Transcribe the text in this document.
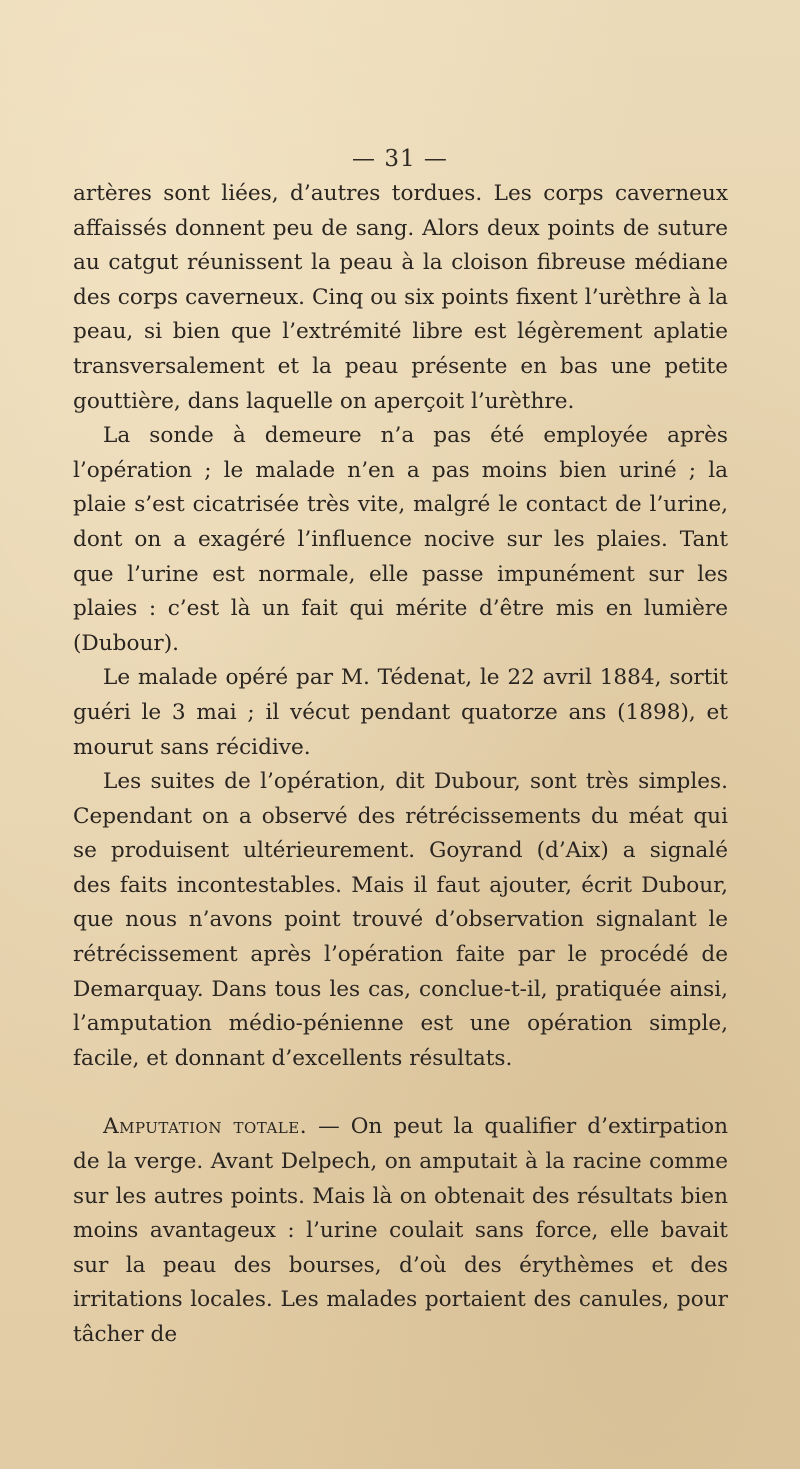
— 31 —

artères sont liées, d’autres tordues. Les corps caverneux affaissés donnent peu de sang. Alors deux points de suture au catgut réunissent la peau à la cloison fibreuse médiane des corps caverneux. Cinq ou six points fixent l’urèthre à la peau, si bien que l’extrémité libre est légèrement aplatie transversalement et la peau présente en bas une petite gouttière, dans laquelle on aperçoit l’urèthre.

La sonde à demeure n’a pas été employée après l’opération ; le malade n’en a pas moins bien uriné ; la plaie s’est cicatrisée très vite, malgré le contact de l’urine, dont on a exagéré l’influence nocive sur les plaies. Tant que l’urine est normale, elle passe impunément sur les plaies : c’est là un fait qui mérite d’être mis en lumière (Dubour).

Le malade opéré par M. Tédenat, le 22 avril 1884, sortit guéri le 3 mai ; il vécut pendant quatorze ans (1898), et mourut sans récidive.

Les suites de l’opération, dit Dubour, sont très simples. Cependant on a observé des rétrécissements du méat qui se produisent ultérieurement. Goyrand (d’Aix) a signalé des faits incontestables. Mais il faut ajouter, écrit Dubour, que nous n’avons point trouvé d’observation signalant le rétrécissement après l’opération faite par le procédé de Demarquay. Dans tous les cas, conclue-t-il, pratiquée ainsi, l’amputation médio-pénienne est une opération simple, facile, et donnant d’excellents résultats.

Amputation totale. — On peut la qualifier d’extirpation de la verge. Avant Delpech, on amputait à la racine comme sur les autres points. Mais là on obtenait des résultats bien moins avantageux : l’urine coulait sans force, elle bavait sur la peau des bourses, d’où des érythèmes et des irritations locales. Les malades portaient des canules, pour tâcher de
